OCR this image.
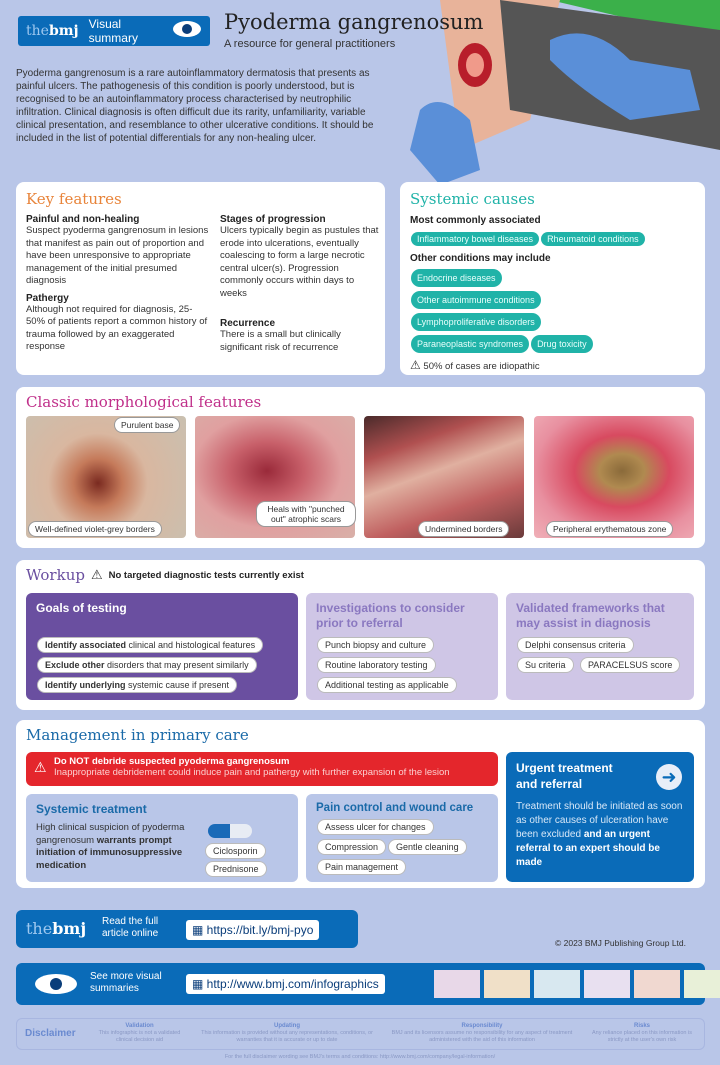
thebmj Visual summary
Pyoderma gangrenosum
A resource for general practitioners
Pyoderma gangrenosum is a rare autoinflammatory dermatosis that presents as painful ulcers. The pathogenesis of this condition is poorly understood, but is recognised to be an autoinflammatory process characterised by neutrophilic infiltration. Clinical diagnosis is often difficult due its rarity, unfamiliarity, variable clinical presentation, and resemblance to other ulcerative conditions. It should be included in the list of potential differentials for any non-healing ulcer.
Key features
Painful and non-healing
Suspect pyoderma gangrenosum in lesions that manifest as pain out of proportion and have been unresponsive to appropriate management of the initial presumed diagnosis
Pathergy
Although not required for diagnosis, 25-50% of patients report a common history of trauma followed by an exaggerated response
Stages of progression
Ulcers typically begin as pustules that erode into ulcerations, eventually coalescing to form a large necrotic central ulcer(s). Progression commonly occurs within days to weeks
Recurrence
There is a small but clinically significant risk of recurrence
Systemic causes
Most commonly associated
Inflammatory bowel diseases Rheumatoid conditions
Other conditions may include
Endocrine diseases
Other autoimmune conditions
Lymphoproliferative disorders
Paraneoplastic syndromes Drug toxicity
⚠ 50% of cases are idiopathic
Classic morphological features
Purulent base
Well-defined violet-grey borders
Heals with "punched out" atrophic scars
Undermined borders	Peripheral erythematous zone
Workup ⚠ No targeted diagnostic tests currently exist
Goals of testing
Identify associated clinical and histological features Exclude other disorders that may present similarly Identify underlying systemic cause if present
Investigations to consider prior to referral
Punch biopsy and culture Routine laboratory testing Additional testing as applicable
Validated frameworks that may assist in diagnosis
Delphi consensus criteria
Su criteria PARACELSUS score
Management in primary care
⚠ Do NOT debride suspected pyoderma gangrenosum
Inappropriate debridement could induce pain and pathergy with further expansion of the lesion
Systemic treatment
High clinical suspicion of pyoderma gangrenosum warrants prompt initiation of immunosuppressive medication
Ciclosporin
Prednisone
Pain control and wound care
Assess ulcer for changes
Compression Gentle cleaning
Pain management
Urgent treatment and referral	➜
Treatment should be initiated as soon as other causes of ulceration have been excluded and an urgent referral to an expert should be made
thebmj Read the full article online	▦ https://bit.ly/bmj-pyo
© 2023 BMJ Publishing Group Ltd.
See more visual summaries	▦ http://www.bmj.com/infographics
Disclaimer
Validation
This infographic is not a validated clinical decision aid
Updating
This information is provided without any representations, conditions, or warranties that it is accurate or up to date
Responsibility
BMJ and its licensors assume no responsibility for any aspect of treatment administered with the aid of this information
Risks
Any reliance placed on this information is strictly at the user's own risk
For the full disclaimer wording see BMJ's terms and conditions: http://www.bmj.com/company/legal-information/
